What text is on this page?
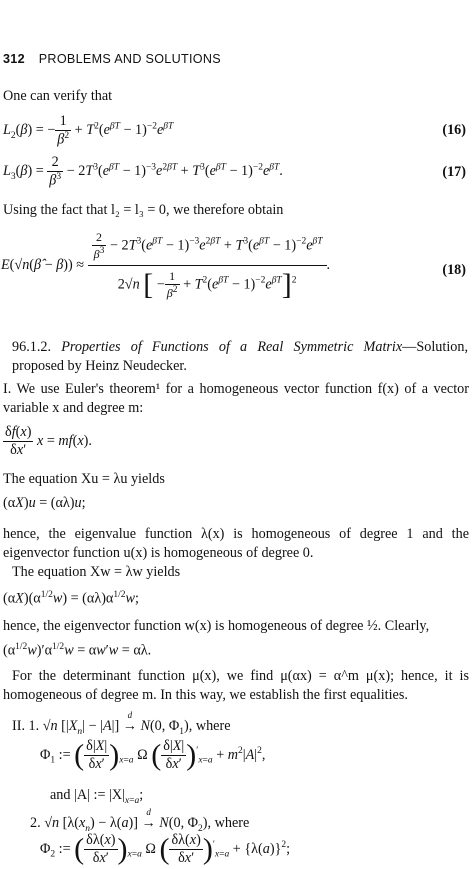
312 PROBLEMS AND SOLUTIONS
One can verify that
$L_2(\beta)$ = − $\frac{1}{\beta^2} + T^2(e^{\beta T} - 1)^{-2}e^{\beta T}$	(16)
$L_3(\beta) = \frac{2}{\beta^3} - 2T^3(e^{\beta T} - 1)^{-3}e^{2\beta T} + T^3(e^{\beta T} - 1)^{-2}e^{\beta T}$.	(17)
Using the fact that l₂ = l₃ = 0, we therefore obtain
E(√n(β̂ − $\beta)) \approx \frac{\frac{2}{\beta^3} - 2T^3(e^{\beta T} - 1)^{-3}e^{2\beta T} + T^3(e^{\beta T} - 1)^{-2}e^{\beta T}}{2√n [ - \frac{1}{\beta^2} + T^2(e^{\beta T} - 1)^{-2}e^{\beta T}]^2}$ .	(18)
96.1.2. Properties of Functions of a Real Symmetric Matrix—Solution, proposed by Heinz Neudecker.
I. We use Euler's theorem¹ for a homogeneous vector function f(x) of a vector variable x and degree m:
$\frac{\delta f(x)}{\delta x'}$ x = mf(x).
The equation Xu = λu yields
(αX)u = (αλ)u;
hence, the eigenvalue function λ(x) is homogeneous of degree 1 and the eigenvector function u(x) is homogeneous of degree 0.
The equation Xw = λw yields
$(\alpha X)(\alpha^{1/2}w) = (\alpha\lambda)\alpha^{1/2}w$;
hence, the eigenvector function w(x) is homogeneous of degree ½. Clearly,
$(\alpha^{1/2}w)'\alpha^{1/2}w = \alpha w'w = \alpha\lambda$.
For the determinant function μ(x), we find μ(αx) = α^m μ(x); hence, it is homogeneous of degree m. In this way, we establish the first equalities.
II. 1. √n $[|X_n| - |A|]$
d
→ N(0, $\Phi_1$), where
$\Phi_1$ := ( $\frac{\delta|X|}{\delta x'} )_{x=a}$ Ω ( $\frac{\delta|X|}{\delta x'} )'_{x=a} + m^2|A|^2$,
and |A| := $|X|_{x=a}$;
2. √n $[\lambda(x_n) - \lambda(a)]$
d
→ N(0, $\Phi_2$), where
$\Phi_2$ := ( $\frac{\delta\lambda(x)}{\delta x'} )_{x=a}$ Ω ( $\frac{\delta\lambda(x)}{\delta x'} )'_{x=a} + \{\lambda(a)\}^2$;
